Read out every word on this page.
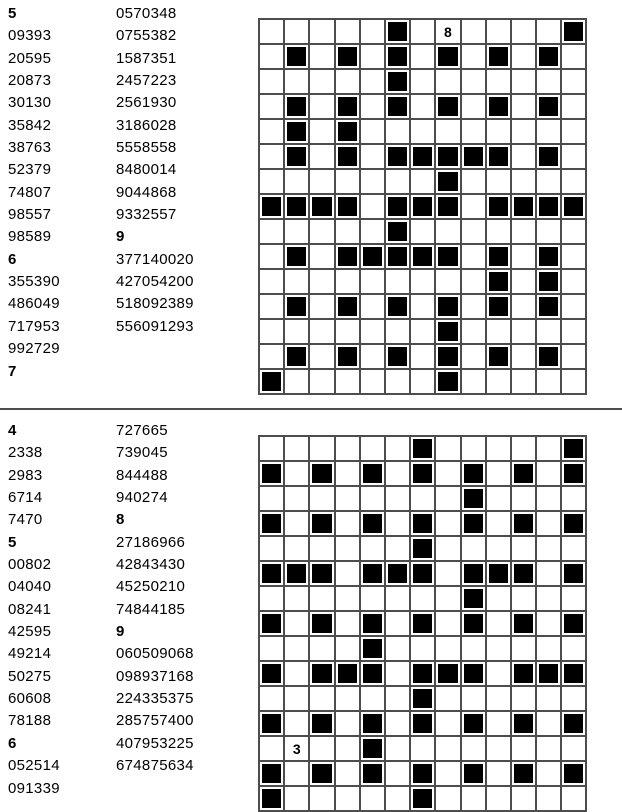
5
09393
20595
20873
30130
35842
38763
52379
74807
98557
98589
6
355390
486049
717953
992729
7
0570348
0755382
1587351
2457223
2561930
3186028
5558558
8480014
9044868
9332557
9
377140020
427054200
518092389
556091293
8
4
2338
2983
6714
7470
5
00802
04040
08241
42595
49214
50275
60608
78188
6
052514
091339
727665
739045
844488
940274
8
27186966
42843430
45250210
74844185
9
060509068
098937168
224335375
285757400
407953225
674875634
3
